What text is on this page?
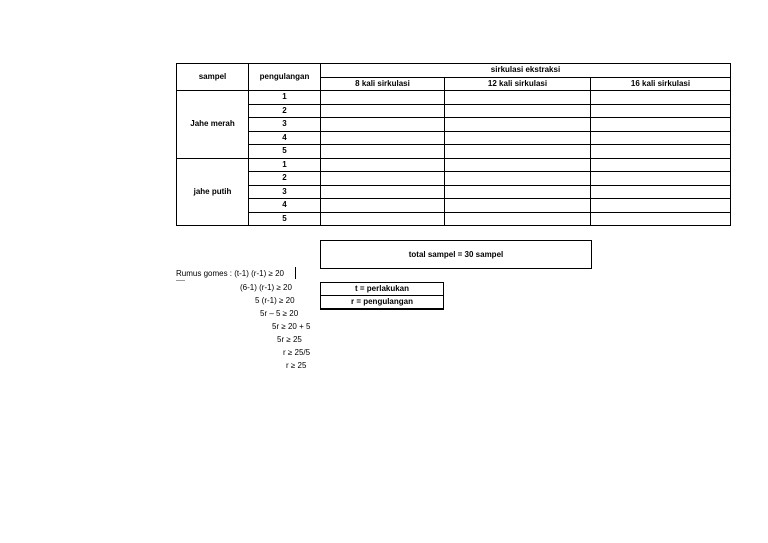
sampel	pengulangan	sirkulasi ekstraksi		
		8 kali sirkulasi	12 kali sirkulasi	16 kali sirkulasi
Jahe merah	1			
	2			
	3			
	4			
	5			
jahe putih	1			
	2			
	3			
	4			
	5			
total sampel = 30 sampel
Rumus gomes : (t-1) (r-1) ≥ 20
(6-1) (r-1) ≥ 20
5 (r-1) ≥ 20
5r – 5 ≥ 20
5r ≥ 20 + 5
5r ≥ 25
r ≥ 25/5
r ≥ 25
t = perlakukan
r = pengulangan
